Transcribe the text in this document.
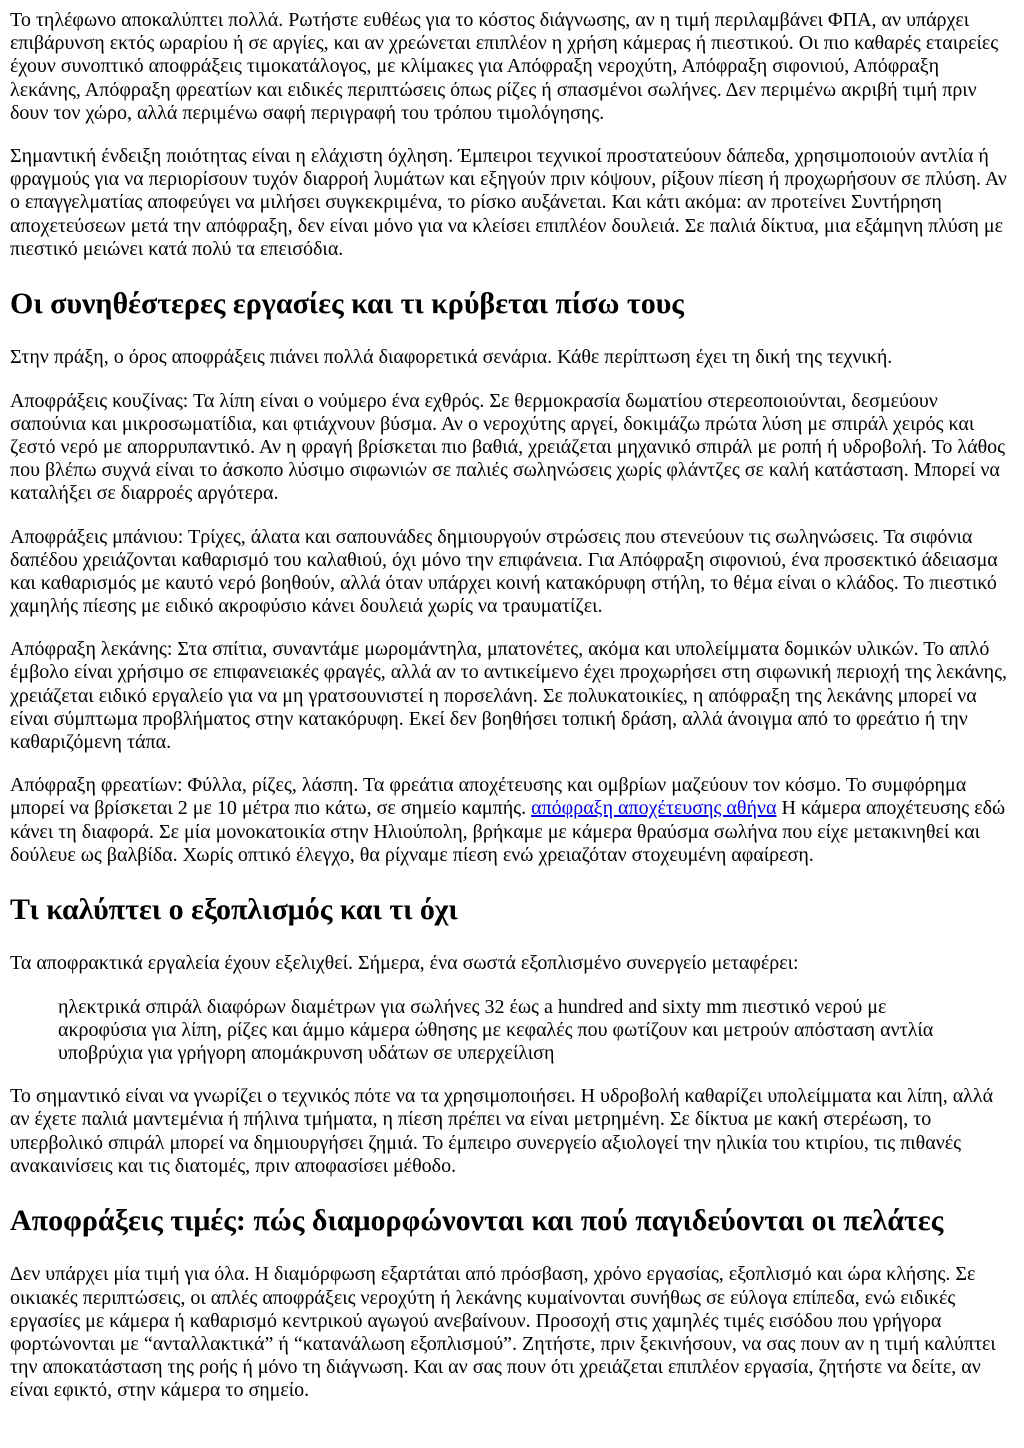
Το τηλέφωνο αποκαλύπτει πολλά. Ρωτήστε ευθέως για το κόστος διάγνωσης, αν η τιμή περιλαμβάνει ΦΠΑ, αν υπάρχει επιβάρυνση εκτός ωραρίου ή σε αργίες, και αν χρεώνεται επιπλέον η χρήση κάμερας ή πιεστικού. Οι πιο καθαρές εταιρείες έχουν συνοπτικό αποφράξεις τιμοκατάλογος, με κλίμακες για Απόφραξη νεροχύτη, Απόφραξη σιφονιού, Απόφραξη λεκάνης, Απόφραξη φρεατίων και ειδικές περιπτώσεις όπως ρίζες ή σπασμένοι σωλήνες. Δεν περιμένω ακριβή τιμή πριν δουν τον χώρο, αλλά περιμένω σαφή περιγραφή του τρόπου τιμολόγησης.

Σημαντική ένδειξη ποιότητας είναι η ελάχιστη όχληση. Έμπειροι τεχνικοί προστατεύουν δάπεδα, χρησιμοποιούν αντλία ή φραγμούς για να περιορίσουν τυχόν διαρροή λυμάτων και εξηγούν πριν κόψουν, ρίξουν πίεση ή προχωρήσουν σε πλύση. Αν ο επαγγελματίας αποφεύγει να μιλήσει συγκεκριμένα, το ρίσκο αυξάνεται. Και κάτι ακόμα: αν προτείνει Συντήρηση αποχετεύσεων μετά την απόφραξη, δεν είναι μόνο για να κλείσει επιπλέον δουλειά. Σε παλιά δίκτυα, μια εξάμηνη πλύση με πιεστικό μειώνει κατά πολύ τα επεισόδια.

Οι συνηθέστερες εργασίες και τι κρύβεται πίσω τους

Στην πράξη, ο όρος αποφράξεις πιάνει πολλά διαφορετικά σενάρια. Κάθε περίπτωση έχει τη δική της τεχνική.

Αποφράξεις κουζίνας: Τα λίπη είναι ο νούμερο ένα εχθρός. Σε θερμοκρασία δωματίου στερεοποιούνται, δεσμεύουν σαπούνια και μικροσωματίδια, και φτιάχνουν βύσμα. Αν ο νεροχύτης αργεί, δοκιμάζω πρώτα λύση με σπιράλ χειρός και ζεστό νερό με απορρυπαντικό. Αν η φραγή βρίσκεται πιο βαθιά, χρειάζεται μηχανικό σπιράλ με ροπή ή υδροβολή. Το λάθος που βλέπω συχνά είναι το άσκοπο λύσιμο σιφωνιών σε παλιές σωληνώσεις χωρίς φλάντζες σε καλή κατάσταση. Μπορεί να καταλήξει σε διαρροές αργότερα.

Αποφράξεις μπάνιου: Τρίχες, άλατα και σαπουνάδες δημιουργούν στρώσεις που στενεύουν τις σωληνώσεις. Τα σιφόνια δαπέδου χρειάζονται καθαρισμό του καλαθιού, όχι μόνο την επιφάνεια. Για Απόφραξη σιφονιού, ένα προσεκτικό άδειασμα και καθαρισμός με καυτό νερό βοηθούν, αλλά όταν υπάρχει κοινή κατακόρυφη στήλη, το θέμα είναι ο κλάδος. Το πιεστικό χαμηλής πίεσης με ειδικό ακροφύσιο κάνει δουλειά χωρίς να τραυματίζει.

Απόφραξη λεκάνης: Στα σπίτια, συναντάμε μωρομάντηλα, μπατονέτες, ακόμα και υπολείμματα δομικών υλικών. Το απλό έμβολο είναι χρήσιμο σε επιφανειακές φραγές, αλλά αν το αντικείμενο έχει προχωρήσει στη σιφωνική περιοχή της λεκάνης, χρειάζεται ειδικό εργαλείο για να μη γρατσουνιστεί η πορσελάνη. Σε πολυκατοικίες, η απόφραξη της λεκάνης μπορεί να είναι σύμπτωμα προβλήματος στην κατακόρυφη. Εκεί δεν βοηθήσει τοπική δράση, αλλά άνοιγμα από το φρεάτιο ή την καθαριζόμενη τάπα.

Απόφραξη φρεατίων: Φύλλα, ρίζες, λάσπη. Τα φρεάτια αποχέτευσης και ομβρίων μαζεύουν τον κόσμο. Το συμφόρημα μπορεί να βρίσκεται 2 με 10 μέτρα πιο κάτω, σε σημείο καμπής. απόφραξη αποχέτευσης αθήνα Η κάμερα αποχέτευσης εδώ κάνει τη διαφορά. Σε μία μονοκατοικία στην Ηλιούπολη, βρήκαμε με κάμερα θραύσμα σωλήνα που είχε μετακινηθεί και δούλευε ως βαλβίδα. Χωρίς οπτικό έλεγχο, θα ρίχναμε πίεση ενώ χρειαζόταν στοχευμένη αφαίρεση.

Τι καλύπτει ο εξοπλισμός και τι όχι

Τα αποφρακτικά εργαλεία έχουν εξελιχθεί. Σήμερα, ένα σωστά εξοπλισμένο συνεργείο μεταφέρει:

ηλεκτρικά σπιράλ διαφόρων διαμέτρων για σωλήνες 32 έως a hundred and sixty mm πιεστικό νερού με ακροφύσια για λίπη, ρίζες και άμμο κάμερα ώθησης με κεφαλές που φωτίζουν και μετρούν απόσταση αντλία υποβρύχια για γρήγορη απομάκρυνση υδάτων σε υπερχείλιση

Το σημαντικό είναι να γνωρίζει ο τεχνικός πότε να τα χρησιμοποιήσει. Η υδροβολή καθαρίζει υπολείμματα και λίπη, αλλά αν έχετε παλιά μαντεμένια ή πήλινα τμήματα, η πίεση πρέπει να είναι μετρημένη. Σε δίκτυα με κακή στερέωση, το υπερβολικό σπιράλ μπορεί να δημιουργήσει ζημιά. Το έμπειρο συνεργείο αξιολογεί την ηλικία του κτιρίου, τις πιθανές ανακαινίσεις και τις διατομές, πριν αποφασίσει μέθοδο.

Αποφράξεις τιμές: πώς διαμορφώνονται και πού παγιδεύονται οι πελάτες

Δεν υπάρχει μία τιμή για όλα. Η διαμόρφωση εξαρτάται από πρόσβαση, χρόνο εργασίας, εξοπλισμό και ώρα κλήσης. Σε οικιακές περιπτώσεις, οι απλές αποφράξεις νεροχύτη ή λεκάνης κυμαίνονται συνήθως σε εύλογα επίπεδα, ενώ ειδικές εργασίες με κάμερα ή καθαρισμό κεντρικού αγωγού ανεβαίνουν. Προσοχή στις χαμηλές τιμές εισόδου που γρήγορα φορτώνονται με “ανταλλακτικά” ή “κατανάλωση εξοπλισμού”. Ζητήστε, πριν ξεκινήσουν, να σας πουν αν η τιμή καλύπτει την αποκατάσταση της ροής ή μόνο τη διάγνωση. Και αν σας πουν ότι χρειάζεται επιπλέον εργασία, ζητήστε να δείτε, αν είναι εφικτό, στην κάμερα το σημείο.
